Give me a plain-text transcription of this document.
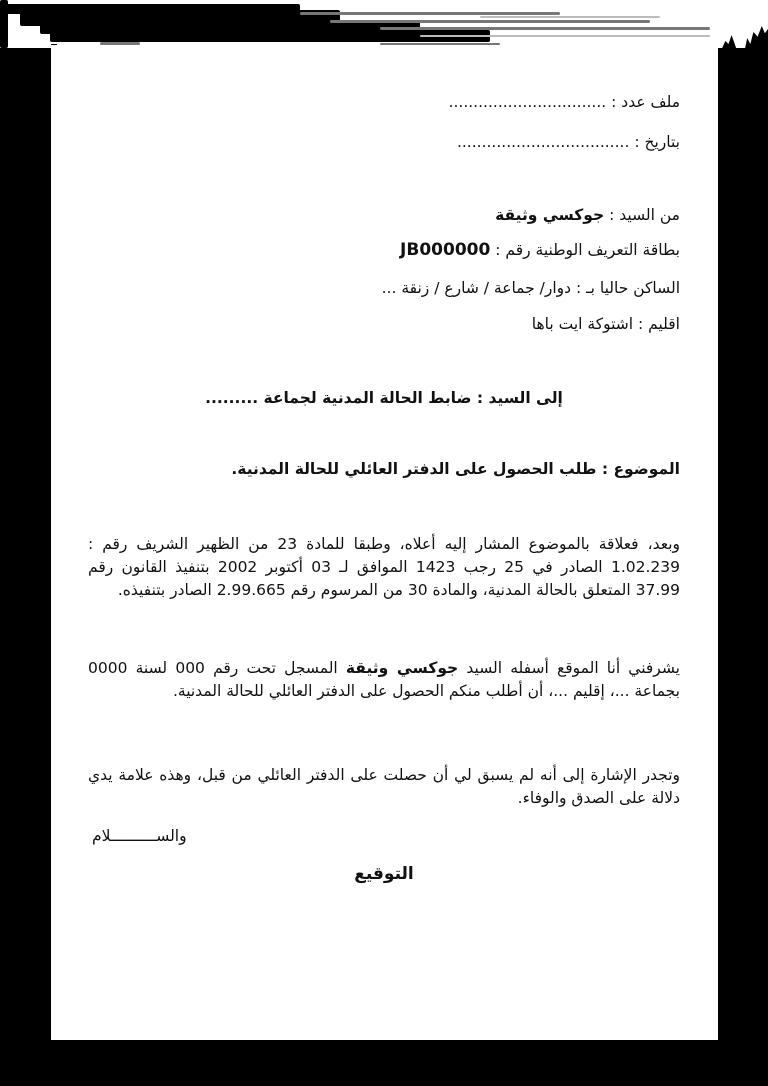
ملف عدد : ................................
بتاريخ : ...................................
من السيد : جوكسي وثيقة
بطاقة التعريف الوطنية رقم : JB000000
الساكن حاليا بـ : دوار/ جماعة / شارع / زنقة ...
اقليم : اشتوكة ايت باها
إلى السيد : ضابط الحالة المدنية لجماعة .........
الموضوع : طلب الحصول على الدفتر العائلي للحالة المدنية.
وبعد، فعلاقة بالموضوع المشار إليه أعلاه، وطبقا للمادة 23 من الظهير الشريف رقم : 1.02.239 الصادر في 25 رجب 1423 الموافق لـ 03 أكتوبر 2002 بتنفيذ القانون رقم 37.99 المتعلق بالحالة المدنية، والمادة 30 من المرسوم رقم 2.99.665 الصادر بتنفيذه.
يشرفني أنا الموقع أسفله السيد جوكسي وثيقة المسجل تحت رقم 000 لسنة 0000 بجماعة ...، إقليم ...، أن أطلب منكم الحصول على الدفتر العائلي للحالة المدنية.
وتجدر الإشارة إلى أنه لم يسبق لي أن حصلت على الدفتر العائلي من قبل، وهذه علامة يدي دلالة على الصدق والوفاء.
والســــــــــلام
التوقيع
